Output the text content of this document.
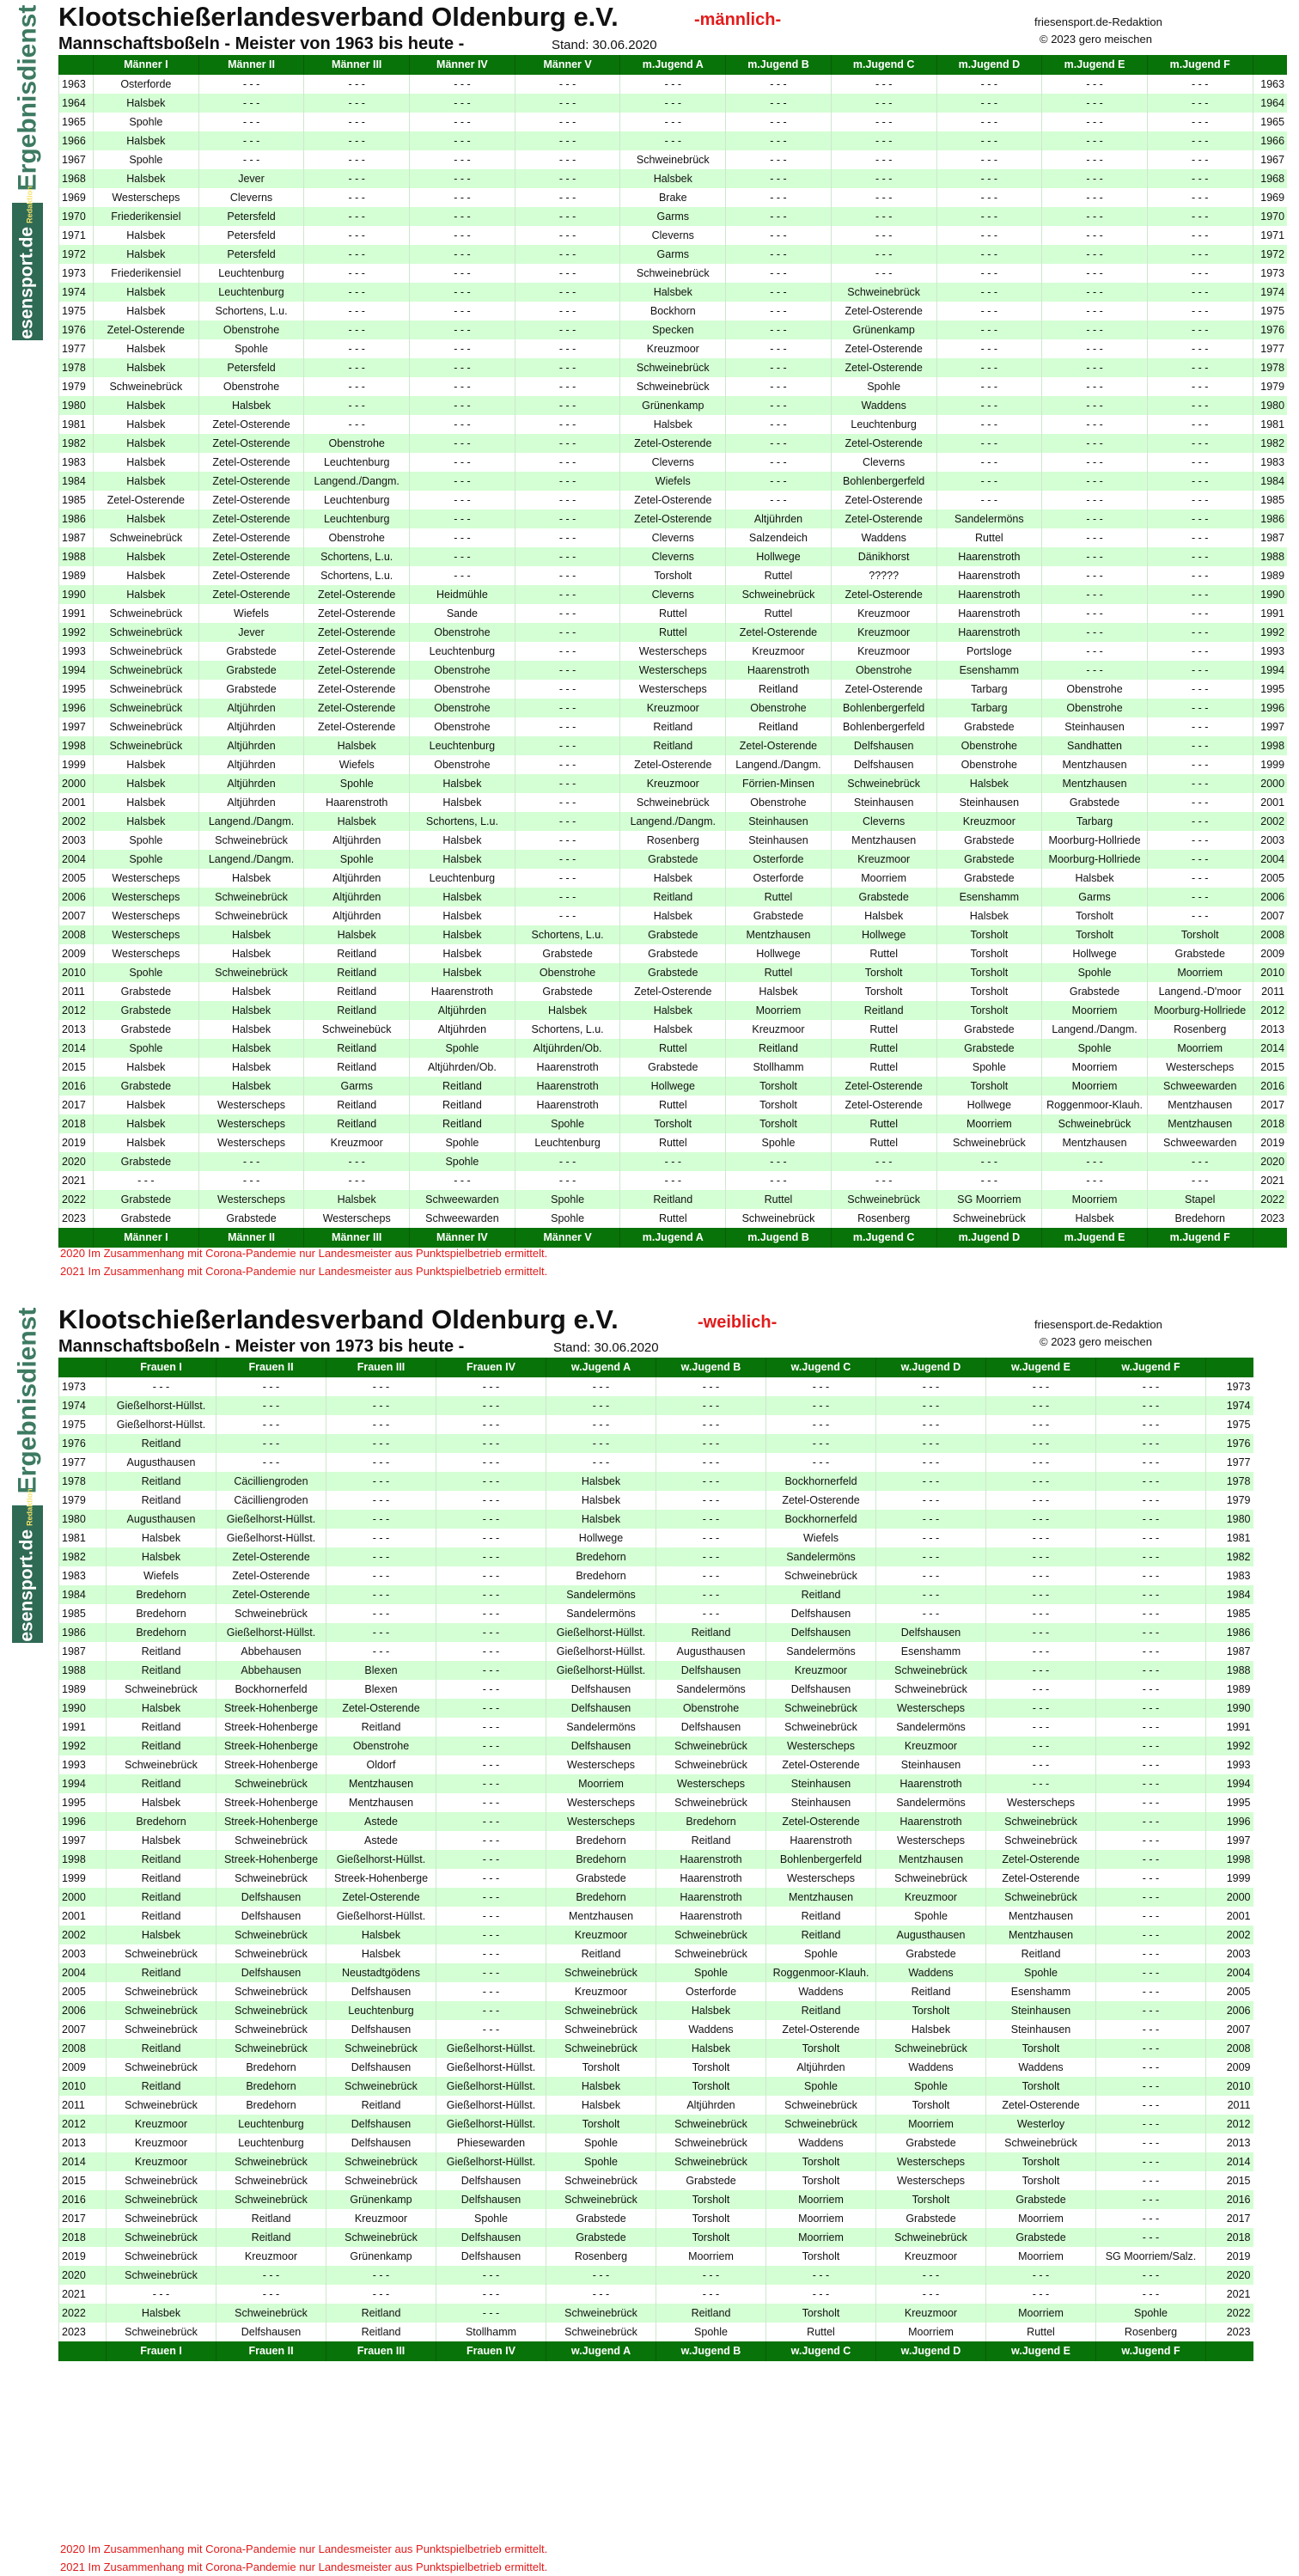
Ergebnisdienst
friesensport.deRedaktion
Klootschießerlandesverband Oldenburg e.V.	-männlich-	friesensport.de-Redaktion
© 2023 gero meischen
Mannschaftsboßeln - Meister von 1963 bis heute -	Stand: 30.06.2020
	Männer I	Männer II	Männer III	Männer IV	Männer V	m.Jugend A	m.Jugend B	m.Jugend C	m.Jugend D	m.Jugend E	m.Jugend F	
1963	Osterforde	- - -	- - -	- - -	- - -	- - -	- - -	- - -	- - -	- - -	- - -	1963
1964	Halsbek	- - -	- - -	- - -	- - -	- - -	- - -	- - -	- - -	- - -	- - -	1964
1965	Spohle	- - -	- - -	- - -	- - -	- - -	- - -	- - -	- - -	- - -	- - -	1965
1966	Halsbek	- - -	- - -	- - -	- - -	- - -	- - -	- - -	- - -	- - -	- - -	1966
1967	Spohle	- - -	- - -	- - -	- - -	Schweinebrück	- - -	- - -	- - -	- - -	- - -	1967
1968	Halsbek	Jever	- - -	- - -	- - -	Halsbek	- - -	- - -	- - -	- - -	- - -	1968
1969	Westerscheps	Cleverns	- - -	- - -	- - -	Brake	- - -	- - -	- - -	- - -	- - -	1969
1970	Friederikensiel	Petersfeld	- - -	- - -	- - -	Garms	- - -	- - -	- - -	- - -	- - -	1970
1971	Halsbek	Petersfeld	- - -	- - -	- - -	Cleverns	- - -	- - -	- - -	- - -	- - -	1971
1972	Halsbek	Petersfeld	- - -	- - -	- - -	Garms	- - -	- - -	- - -	- - -	- - -	1972
1973	Friederikensiel	Leuchtenburg	- - -	- - -	- - -	Schweinebrück	- - -	- - -	- - -	- - -	- - -	1973
1974	Halsbek	Leuchtenburg	- - -	- - -	- - -	Halsbek	- - -	Schweinebrück	- - -	- - -	- - -	1974
1975	Halsbek	Schortens, L.u.	- - -	- - -	- - -	Bockhorn	- - -	Zetel-Osterende	- - -	- - -	- - -	1975
1976	Zetel-Osterende	Obenstrohe	- - -	- - -	- - -	Specken	- - -	Grünenkamp	- - -	- - -	- - -	1976
1977	Halsbek	Spohle	- - -	- - -	- - -	Kreuzmoor	- - -	Zetel-Osterende	- - -	- - -	- - -	1977
1978	Halsbek	Petersfeld	- - -	- - -	- - -	Schweinebrück	- - -	Zetel-Osterende	- - -	- - -	- - -	1978
1979	Schweinebrück	Obenstrohe	- - -	- - -	- - -	Schweinebrück	- - -	Spohle	- - -	- - -	- - -	1979
1980	Halsbek	Halsbek	- - -	- - -	- - -	Grünenkamp	- - -	Waddens	- - -	- - -	- - -	1980
1981	Halsbek	Zetel-Osterende	- - -	- - -	- - -	Halsbek	- - -	Leuchtenburg	- - -	- - -	- - -	1981
1982	Halsbek	Zetel-Osterende	Obenstrohe	- - -	- - -	Zetel-Osterende	- - -	Zetel-Osterende	- - -	- - -	- - -	1982
1983	Halsbek	Zetel-Osterende	Leuchtenburg	- - -	- - -	Cleverns	- - -	Cleverns	- - -	- - -	- - -	1983
1984	Halsbek	Zetel-Osterende	Langend./Dangm.	- - -	- - -	Wiefels	- - -	Bohlenbergerfeld	- - -	- - -	- - -	1984
1985	Zetel-Osterende	Zetel-Osterende	Leuchtenburg	- - -	- - -	Zetel-Osterende	- - -	Zetel-Osterende	- - -	- - -	- - -	1985
1986	Halsbek	Zetel-Osterende	Leuchtenburg	- - -	- - -	Zetel-Osterende	Altjührden	Zetel-Osterende	Sandelermöns	- - -	- - -	1986
1987	Schweinebrück	Zetel-Osterende	Obenstrohe	- - -	- - -	Cleverns	Salzendeich	Waddens	Ruttel	- - -	- - -	1987
1988	Halsbek	Zetel-Osterende	Schortens, L.u.	- - -	- - -	Cleverns	Hollwege	Dänikhorst	Haarenstroth	- - -	- - -	1988
1989	Halsbek	Zetel-Osterende	Schortens, L.u.	- - -	- - -	Torsholt	Ruttel	?????	Haarenstroth	- - -	- - -	1989
1990	Halsbek	Zetel-Osterende	Zetel-Osterende	Heidmühle	- - -	Cleverns	Schweinebrück	Zetel-Osterende	Haarenstroth	- - -	- - -	1990
1991	Schweinebrück	Wiefels	Zetel-Osterende	Sande	- - -	Ruttel	Ruttel	Kreuzmoor	Haarenstroth	- - -	- - -	1991
1992	Schweinebrück	Jever	Zetel-Osterende	Obenstrohe	- - -	Ruttel	Zetel-Osterende	Kreuzmoor	Haarenstroth	- - -	- - -	1992
1993	Schweinebrück	Grabstede	Zetel-Osterende	Leuchtenburg	- - -	Westerscheps	Kreuzmoor	Kreuzmoor	Portsloge	- - -	- - -	1993
1994	Schweinebrück	Grabstede	Zetel-Osterende	Obenstrohe	- - -	Westerscheps	Haarenstroth	Obenstrohe	Esenshamm	- - -	- - -	1994
1995	Schweinebrück	Grabstede	Zetel-Osterende	Obenstrohe	- - -	Westerscheps	Reitland	Zetel-Osterende	Tarbarg	Obenstrohe	- - -	1995
1996	Schweinebrück	Altjührden	Zetel-Osterende	Obenstrohe	- - -	Kreuzmoor	Obenstrohe	Bohlenbergerfeld	Tarbarg	Obenstrohe	- - -	1996
1997	Schweinebrück	Altjührden	Zetel-Osterende	Obenstrohe	- - -	Reitland	Reitland	Bohlenbergerfeld	Grabstede	Steinhausen	- - -	1997
1998	Schweinebrück	Altjührden	Halsbek	Leuchtenburg	- - -	Reitland	Zetel-Osterende	Delfshausen	Obenstrohe	Sandhatten	- - -	1998
1999	Halsbek	Altjührden	Wiefels	Obenstrohe	- - -	Zetel-Osterende	Langend./Dangm.	Delfshausen	Obenstrohe	Mentzhausen	- - -	1999
2000	Halsbek	Altjührden	Spohle	Halsbek	- - -	Kreuzmoor	Förrien-Minsen	Schweinebrück	Halsbek	Mentzhausen	- - -	2000
2001	Halsbek	Altjührden	Haarenstroth	Halsbek	- - -	Schweinebrück	Obenstrohe	Steinhausen	Steinhausen	Grabstede	- - -	2001
2002	Halsbek	Langend./Dangm.	Halsbek	Schortens, L.u.	- - -	Langend./Dangm.	Steinhausen	Cleverns	Kreuzmoor	Tarbarg	- - -	2002
2003	Spohle	Schweinebrück	Altjührden	Halsbek	- - -	Rosenberg	Steinhausen	Mentzhausen	Grabstede	Moorburg-Hollriede	- - -	2003
2004	Spohle	Langend./Dangm.	Spohle	Halsbek	- - -	Grabstede	Osterforde	Kreuzmoor	Grabstede	Moorburg-Hollriede	- - -	2004
2005	Westerscheps	Halsbek	Altjührden	Leuchtenburg	- - -	Halsbek	Osterforde	Moorriem	Grabstede	Halsbek	- - -	2005
2006	Westerscheps	Schweinebrück	Altjührden	Halsbek	- - -	Reitland	Ruttel	Grabstede	Esenshamm	Garms	- - -	2006
2007	Westerscheps	Schweinebrück	Altjührden	Halsbek	- - -	Halsbek	Grabstede	Halsbek	Halsbek	Torsholt	- - -	2007
2008	Westerscheps	Halsbek	Halsbek	Halsbek	Schortens, L.u.	Grabstede	Mentzhausen	Hollwege	Torsholt	Torsholt	Torsholt	2008
2009	Westerscheps	Halsbek	Reitland	Halsbek	Grabstede	Grabstede	Hollwege	Ruttel	Torsholt	Hollwege	Grabstede	2009
2010	Spohle	Schweinebrück	Reitland	Halsbek	Obenstrohe	Grabstede	Ruttel	Torsholt	Torsholt	Spohle	Moorriem	2010
2011	Grabstede	Halsbek	Reitland	Haarenstroth	Grabstede	Zetel-Osterende	Halsbek	Torsholt	Torsholt	Grabstede	Langend.-D'moor	2011
2012	Grabstede	Halsbek	Reitland	Altjührden	Halsbek	Halsbek	Moorriem	Reitland	Torsholt	Moorriem	Moorburg-Hollriede	2012
2013	Grabstede	Halsbek	Schweinebück	Altjührden	Schortens, L.u.	Halsbek	Kreuzmoor	Ruttel	Grabstede	Langend./Dangm.	Rosenberg	2013
2014	Spohle	Halsbek	Reitland	Spohle	Altjührden/Ob.	Ruttel	Reitland	Ruttel	Grabstede	Spohle	Moorriem	2014
2015	Halsbek	Halsbek	Reitland	Altjührden/Ob.	Haarenstroth	Grabstede	Stollhamm	Ruttel	Spohle	Moorriem	Westerscheps	2015
2016	Grabstede	Halsbek	Garms	Reitland	Haarenstroth	Hollwege	Torsholt	Zetel-Osterende	Torsholt	Moorriem	Schweewarden	2016
2017	Halsbek	Westerscheps	Reitland	Reitland	Haarenstroth	Ruttel	Torsholt	Zetel-Osterende	Hollwege	Roggenmoor-Klauh.	Mentzhausen	2017
2018	Halsbek	Westerscheps	Reitland	Reitland	Spohle	Torsholt	Torsholt	Ruttel	Moorriem	Schweinebrück	Mentzhausen	2018
2019	Halsbek	Westerscheps	Kreuzmoor	Spohle	Leuchtenburg	Ruttel	Spohle	Ruttel	Schweinebrück	Mentzhausen	Schweewarden	2019
2020	Grabstede	- - -	- - -	Spohle	- - -	- - -	- - -	- - -	- - -	- - -	- - -	2020
2021	- - -	- - -	- - -	- - -	- - -	- - -	- - -	- - -	- - -	- - -	- - -	2021
2022	Grabstede	Westerscheps	Halsbek	Schweewarden	Spohle	Reitland	Ruttel	Schweinebrück	SG Moorriem	Moorriem	Stapel	2022
2023	Grabstede	Grabstede	Westerscheps	Schweewarden	Spohle	Ruttel	Schweinebrück	Rosenberg	Schweinebrück	Halsbek	Bredehorn	2023
	Männer I	Männer II	Männer III	Männer IV	Männer V	m.Jugend A	m.Jugend B	m.Jugend C	m.Jugend D	m.Jugend E	m.Jugend F	
2020 Im Zusammenhang mit Corona-Pandemie nur Landesmeister aus Punktspielbetrieb ermittelt.
2021 Im Zusammenhang mit Corona-Pandemie nur Landesmeister aus Punktspielbetrieb ermittelt.
Ergebnisdienst
friesensport.deRedaktion
Klootschießerlandesverband Oldenburg e.V.	-weiblich-	friesensport.de-Redaktion
© 2023 gero meischen
Mannschaftsboßeln - Meister von 1973 bis heute -	Stand: 30.06.2020
	Frauen I	Frauen II	Frauen III	Frauen IV	w.Jugend A	w.Jugend B	w.Jugend C	w.Jugend D	w.Jugend E	w.Jugend F	
1973	- - -	- - -	- - -	- - -	- - -	- - -	- - -	- - -	- - -	- - -	1973
1974	Gießelhorst-Hüllst.	- - -	- - -	- - -	- - -	- - -	- - -	- - -	- - -	- - -	1974
1975	Gießelhorst-Hüllst.	- - -	- - -	- - -	- - -	- - -	- - -	- - -	- - -	- - -	1975
1976	Reitland	- - -	- - -	- - -	- - -	- - -	- - -	- - -	- - -	- - -	1976
1977	Augusthausen	- - -	- - -	- - -	- - -	- - -	- - -	- - -	- - -	- - -	1977
1978	Reitland	Cäcilliengroden	- - -	- - -	Halsbek	- - -	Bockhornerfeld	- - -	- - -	- - -	1978
1979	Reitland	Cäcilliengroden	- - -	- - -	Halsbek	- - -	Zetel-Osterende	- - -	- - -	- - -	1979
1980	Augusthausen	Gießelhorst-Hüllst.	- - -	- - -	Halsbek	- - -	Bockhornerfeld	- - -	- - -	- - -	1980
1981	Halsbek	Gießelhorst-Hüllst.	- - -	- - -	Hollwege	- - -	Wiefels	- - -	- - -	- - -	1981
1982	Halsbek	Zetel-Osterende	- - -	- - -	Bredehorn	- - -	Sandelermöns	- - -	- - -	- - -	1982
1983	Wiefels	Zetel-Osterende	- - -	- - -	Bredehorn	- - -	Schweinebrück	- - -	- - -	- - -	1983
1984	Bredehorn	Zetel-Osterende	- - -	- - -	Sandelermöns	- - -	Reitland	- - -	- - -	- - -	1984
1985	Bredehorn	Schweinebrück	- - -	- - -	Sandelermöns	- - -	Delfshausen	- - -	- - -	- - -	1985
1986	Bredehorn	Gießelhorst-Hüllst.	- - -	- - -	Gießelhorst-Hüllst.	Reitland	Delfshausen	Delfshausen	- - -	- - -	1986
1987	Reitland	Abbehausen	- - -	- - -	Gießelhorst-Hüllst.	Augusthausen	Sandelermöns	Esenshamm	- - -	- - -	1987
1988	Reitland	Abbehausen	Blexen	- - -	Gießelhorst-Hüllst.	Delfshausen	Kreuzmoor	Schweinebrück	- - -	- - -	1988
1989	Schweinebrück	Bockhornerfeld	Blexen	- - -	Delfshausen	Sandelermöns	Delfshausen	Schweinebrück	- - -	- - -	1989
1990	Halsbek	Streek-Hohenberge	Zetel-Osterende	- - -	Delfshausen	Obenstrohe	Schweinebrück	Westerscheps	- - -	- - -	1990
1991	Reitland	Streek-Hohenberge	Reitland	- - -	Sandelermöns	Delfshausen	Schweinebrück	Sandelermöns	- - -	- - -	1991
1992	Reitland	Streek-Hohenberge	Obenstrohe	- - -	Delfshausen	Schweinebrück	Westerscheps	Kreuzmoor	- - -	- - -	1992
1993	Schweinebrück	Streek-Hohenberge	Oldorf	- - -	Westerscheps	Schweinebrück	Zetel-Osterende	Steinhausen	- - -	- - -	1993
1994	Reitland	Schweinebrück	Mentzhausen	- - -	Moorriem	Westerscheps	Steinhausen	Haarenstroth	- - -	- - -	1994
1995	Halsbek	Streek-Hohenberge	Mentzhausen	- - -	Westerscheps	Schweinebrück	Steinhausen	Sandelermöns	Westerscheps	- - -	1995
1996	Bredehorn	Streek-Hohenberge	Astede	- - -	Westerscheps	Bredehorn	Zetel-Osterende	Haarenstroth	Schweinebrück	- - -	1996
1997	Halsbek	Schweinebrück	Astede	- - -	Bredehorn	Reitland	Haarenstroth	Westerscheps	Schweinebrück	- - -	1997
1998	Reitland	Streek-Hohenberge	Gießelhorst-Hüllst.	- - -	Bredehorn	Haarenstroth	Bohlenbergerfeld	Mentzhausen	Zetel-Osterende	- - -	1998
1999	Reitland	Schweinebrück	Streek-Hohenberge	- - -	Grabstede	Haarenstroth	Westerscheps	Schweinebrück	Zetel-Osterende	- - -	1999
2000	Reitland	Delfshausen	Zetel-Osterende	- - -	Bredehorn	Haarenstroth	Mentzhausen	Kreuzmoor	Schweinebrück	- - -	2000
2001	Reitland	Delfshausen	Gießelhorst-Hüllst.	- - -	Mentzhausen	Haarenstroth	Reitland	Spohle	Mentzhausen	- - -	2001
2002	Halsbek	Schweinebrück	Halsbek	- - -	Kreuzmoor	Schweinebrück	Reitland	Augusthausen	Mentzhausen	- - -	2002
2003	Schweinebrück	Schweinebrück	Halsbek	- - -	Reitland	Schweinebrück	Spohle	Grabstede	Reitland	- - -	2003
2004	Reitland	Delfshausen	Neustadtgödens	- - -	Schweinebrück	Spohle	Roggenmoor-Klauh.	Waddens	Spohle	- - -	2004
2005	Schweinebrück	Schweinebrück	Delfshausen	- - -	Kreuzmoor	Osterforde	Waddens	Reitland	Esenshamm	- - -	2005
2006	Schweinebrück	Schweinebrück	Leuchtenburg	- - -	Schweinebrück	Halsbek	Reitland	Torsholt	Steinhausen	- - -	2006
2007	Schweinebrück	Schweinebrück	Delfshausen	- - -	Schweinebrück	Waddens	Zetel-Osterende	Halsbek	Steinhausen	- - -	2007
2008	Reitland	Schweinebrück	Schweinebrück	Gießelhorst-Hüllst.	Schweinebrück	Halsbek	Torsholt	Schweinebrück	Torsholt	- - -	2008
2009	Schweinebrück	Bredehorn	Delfshausen	Gießelhorst-Hüllst.	Torsholt	Torsholt	Altjührden	Waddens	Waddens	- - -	2009
2010	Reitland	Bredehorn	Schweinebrück	Gießelhorst-Hüllst.	Halsbek	Torsholt	Spohle	Spohle	Torsholt	- - -	2010
2011	Schweinebrück	Bredehorn	Reitland	Gießelhorst-Hüllst.	Halsbek	Altjührden	Schweinebrück	Torsholt	Zetel-Osterende	- - -	2011
2012	Kreuzmoor	Leuchtenburg	Delfshausen	Gießelhorst-Hüllst.	Torsholt	Schweinebrück	Schweinebrück	Moorriem	Westerloy	- - -	2012
2013	Kreuzmoor	Leuchtenburg	Delfshausen	Phiesewarden	Spohle	Schweinebrück	Waddens	Grabstede	Schweinebrück	- - -	2013
2014	Kreuzmoor	Schweinebrück	Schweinebrück	Gießelhorst-Hüllst.	Spohle	Schweinebrück	Torsholt	Westerscheps	Torsholt	- - -	2014
2015	Schweinebrück	Schweinebrück	Schweinebrück	Delfshausen	Schweinebrück	Grabstede	Torsholt	Westerscheps	Torsholt	- - -	2015
2016	Schweinebrück	Schweinebrück	Grünenkamp	Delfshausen	Schweinebrück	Torsholt	Moorriem	Torsholt	Grabstede	- - -	2016
2017	Schweinebrück	Reitland	Kreuzmoor	Spohle	Grabstede	Torsholt	Moorriem	Grabstede	Moorriem	- - -	2017
2018	Schweinebrück	Reitland	Schweinebrück	Delfshausen	Grabstede	Torsholt	Moorriem	Schweinebrück	Grabstede	- - -	2018
2019	Schweinebrück	Kreuzmoor	Grünenkamp	Delfshausen	Rosenberg	Moorriem	Torsholt	Kreuzmoor	Moorriem	SG Moorriem/Salz.	2019
2020	Schweinebrück	- - -	- - -	- - -	- - -	- - -	- - -	- - -	- - -	- - -	2020
2021	- - -	- - -	- - -	- - -	- - -	- - -	- - -	- - -	- - -	- - -	2021
2022	Halsbek	Schweinebrück	Reitland	- - -	Schweinebrück	Reitland	Torsholt	Kreuzmoor	Moorriem	Spohle	2022
2023	Schweinebrück	Delfshausen	Reitland	Stollhamm	Schweinebrück	Spohle	Ruttel	Moorriem	Ruttel	Rosenberg	2023
	Frauen I	Frauen II	Frauen III	Frauen IV	w.Jugend A	w.Jugend B	w.Jugend C	w.Jugend D	w.Jugend E	w.Jugend F	
2020 Im Zusammenhang mit Corona-Pandemie nur Landesmeister aus Punktspielbetrieb ermittelt.
2021 Im Zusammenhang mit Corona-Pandemie nur Landesmeister aus Punktspielbetrieb ermittelt.
